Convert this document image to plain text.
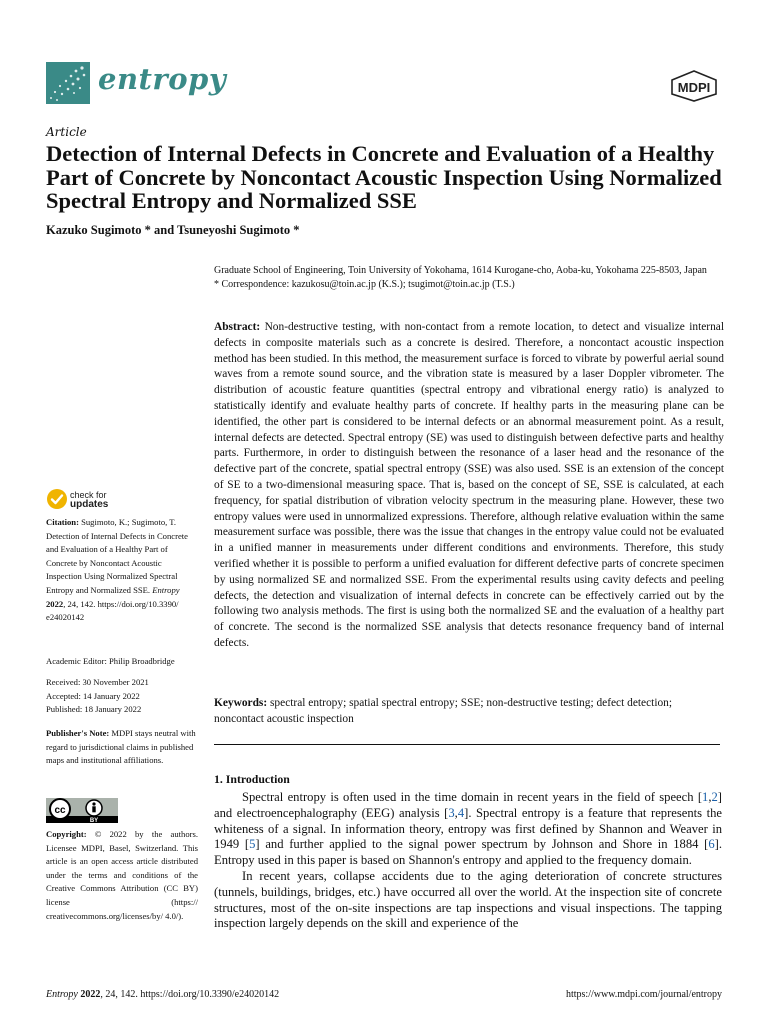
entropy	MDPI
Article
Detection of Internal Defects in Concrete and Evaluation of a Healthy Part of Concrete by Noncontact Acoustic Inspection Using Normalized Spectral Entropy and Normalized SSE
Kazuko Sugimoto * and Tsuneyoshi Sugimoto *
Graduate School of Engineering, Toin University of Yokohama, 1614 Kurogane-cho, Aoba-ku, Yokohama 225-8503, Japan
* Correspondence: kazukosu@toin.ac.jp (K.S.); tsugimot@toin.ac.jp (T.S.)
Abstract: Non-destructive testing, with non-contact from a remote location, to detect and visualize internal defects in composite materials such as a concrete is desired. Therefore, a noncontact acoustic inspection method has been studied. In this method, the measurement surface is forced to vibrate by powerful aerial sound waves from a remote sound source, and the vibration state is measured by a laser Doppler vibrometer. The distribution of acoustic feature quantities (spectral entropy and vibrational energy ratio) is analyzed to statistically identify and evaluate healthy parts of concrete. If healthy parts in the measuring plane can be identified, the other part is considered to be internal defects or an abnormal measurement point. As a result, internal defects are detected. Spectral entropy (SE) was used to distinguish between defective parts and healthy parts. Furthermore, in order to distinguish between the resonance of a laser head and the resonance of the defective part of the concrete, spatial spectral entropy (SSE) was also used. SSE is an extension of the concept of SE to a two-dimensional measuring space. That is, based on the concept of SE, SSE is calculated, at each frequency, for spatial distribution of vibration velocity spectrum in the measuring plane. However, these two entropy values were used in unnormalized expressions. Therefore, although relative evaluation within the same measurement surface was possible, there was the issue that changes in the entropy value could not be evaluated in a unified manner in measurements under different conditions and environments. Therefore, this study verified whether it is possible to perform a unified evaluation for different defective parts of concrete specimen by using normalized SE and normalized SSE. From the experimental results using cavity defects and peeling defects, the detection and visualization of internal defects in concrete can be effectively carried out by the following two analysis methods. The first is using both the normalized SE and the evaluation of a healthy part of concrete. The second is the normalized SSE analysis that detects resonance frequency band of internal defects.
Keywords: spectral entropy; spatial spectral entropy; SSE; non-destructive testing; defect detection; noncontact acoustic inspection
1. Introduction

Spectral entropy is often used in the time domain in recent years in the field of speech [1,2] and electroencephalography (EEG) analysis [3,4]. Spectral entropy is a feature that represents the whiteness of a signal. In information theory, entropy was first defined by Shannon and Weaver in 1949 [5] and further applied to the signal power spectrum by Johnson and Shore in 1884 [6]. Entropy used in this paper is based on Shannon's entropy and applied to the frequency domain.

In recent years, collapse accidents due to the aging deterioration of concrete structures (tunnels, buildings, bridges, etc.) have occurred all over the world. At the inspection site of concrete structures, most of the on-site inspections are tap inspections and visual inspections. The tapping inspection largely depends on the skill and experience of the

check for
updates
Citation: Sugimoto, K.; Sugimoto, T. Detection of Internal Defects in Concrete and Evaluation of a Healthy Part of Concrete by Noncontact Acoustic Inspection Using Normalized Spectral Entropy and Normalized SSE. Entropy 2022, 24, 142. https://doi.org/10.3390/ e24020142
Academic Editor: Philip Broadbridge
Received: 30 November 2021
Accepted: 14 January 2022
Published: 18 January 2022
Publisher's Note: MDPI stays neutral with regard to jurisdictional claims in published maps and institutional affiliations.
cc
BY
Copyright: © 2022 by the authors. Licensee MDPI, Basel, Switzerland. This article is an open access article distributed under the terms and conditions of the Creative Commons Attribution (CC BY) license (https:// creativecommons.org/licenses/by/ 4.0/).
Entropy 2022, 24, 142. https://doi.org/10.3390/e24020142	https://www.mdpi.com/journal/entropy
